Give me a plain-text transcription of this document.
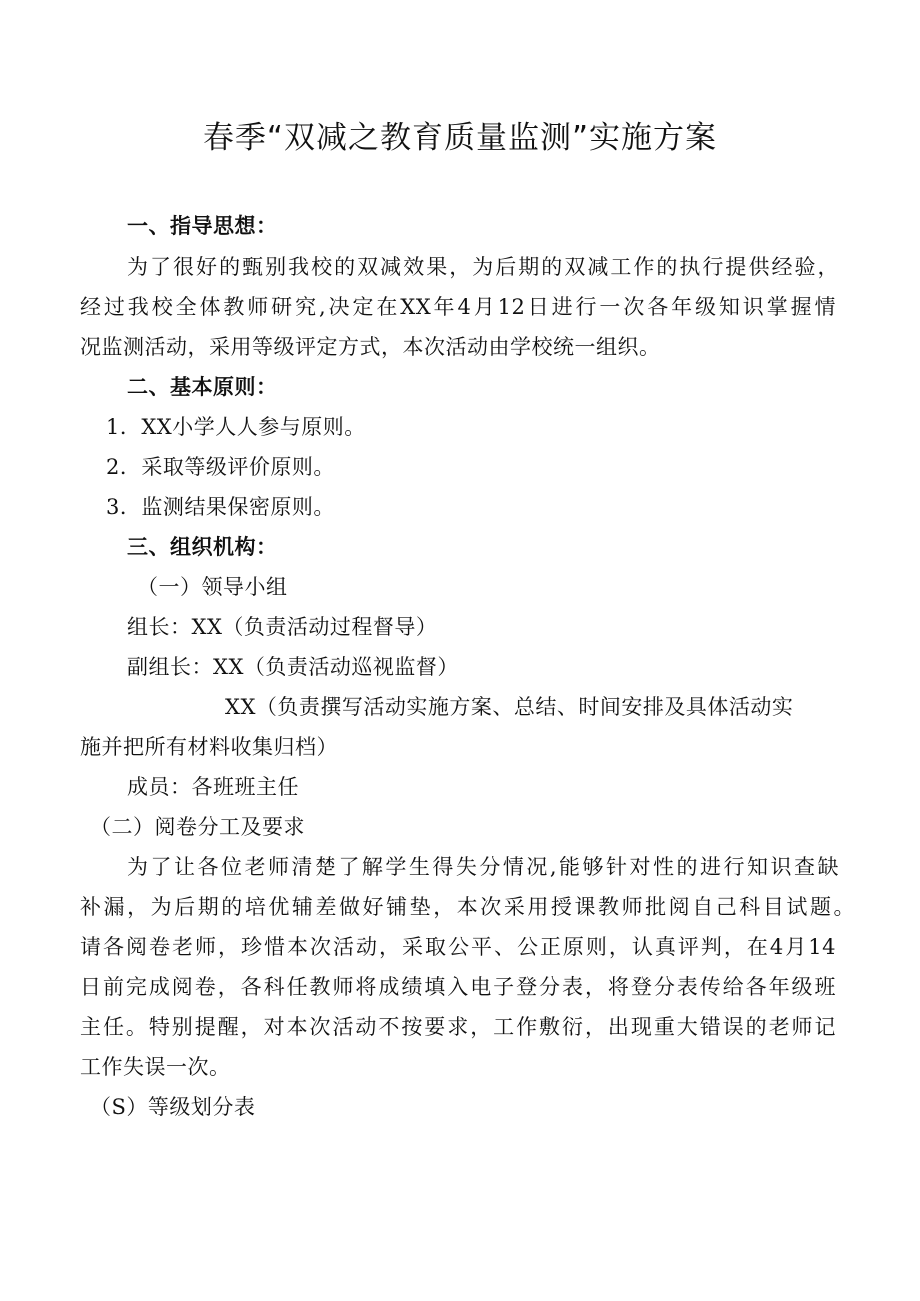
春季“双减之教育质量监测”实施方案
一、指导思想：
为了很好的甄别我校的双减效果，为后期的双减工作的执行提供经验，
经过我校全体教师研究,决定在XX年4月12日进行一次各年级知识掌握情
况监测活动，采用等级评定方式，本次活动由学校统一组织。
二、基本原则：
1．XX小学人人参与原则。
2．采取等级评价原则。
3．监测结果保密原则。
三、组织机构：
（一）领导小组
组长：XX（负责活动过程督导）
副组长：XX（负责活动巡视监督）
XX（负责撰写活动实施方案、总结、时间安排及具体活动实
施并把所有材料收集归档）
成员：各班班主任
（二）阅卷分工及要求
为了让各位老师清楚了解学生得失分情况,能够针对性的进行知识查缺
补漏，为后期的培优辅差做好铺垫，本次采用授课教师批阅自己科目试题。
请各阅卷老师，珍惜本次活动，采取公平、公正原则，认真评判，在4月14
日前完成阅卷，各科任教师将成绩填入电子登分表，将登分表传给各年级班
主任。特别提醒，对本次活动不按要求，工作敷衍，出现重大错误的老师记
工作失误一次。
（S）等级划分表
